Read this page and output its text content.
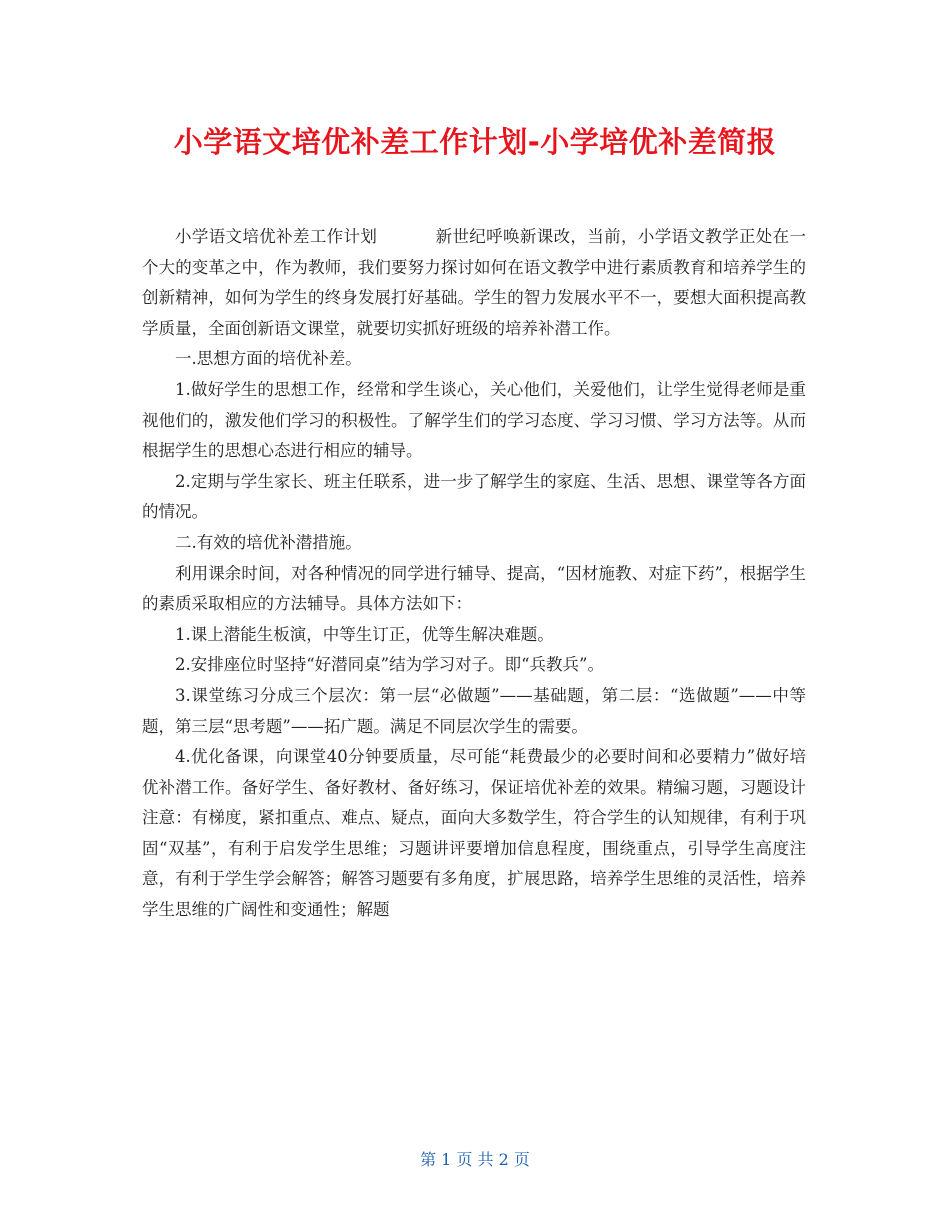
小学语文培优补差工作计划-小学培优补差简报

小学语文培优补差工作计划	新世纪呼唤新课改，当前，小学语文教学正处在一个大的变革之中，作为教师，我们要努力探讨如何在语文教学中进行素质教育和培养学生的创新精神，如何为学生的终身发展打好基础。学生的智力发展水平不一，要想大面积提高教学质量，全面创新语文课堂，就要切实抓好班级的培养补潜工作。

一.思想方面的培优补差。

1.做好学生的思想工作，经常和学生谈心，关心他们，关爱他们，让学生觉得老师是重视他们的，激发他们学习的积极性。了解学生们的学习态度、学习习惯、学习方法等。从而根据学生的思想心态进行相应的辅导。

2.定期与学生家长、班主任联系，进一步了解学生的家庭、生活、思想、课堂等各方面的情况。

二.有效的培优补潜措施。

利用课余时间，对各种情况的同学进行辅导、提高，“因材施教、对症下药”，根据学生的素质采取相应的方法辅导。具体方法如下：

1.课上潜能生板演，中等生订正，优等生解决难题。

2.安排座位时坚持“好潜同桌”结为学习对子。即“兵教兵”。

3.课堂练习分成三个层次：第一层“必做题”——基础题，第二层：“选做题”——中等题，第三层“思考题”——拓广题。满足不同层次学生的需要。

4.优化备课，向课堂40分钟要质量，尽可能“耗费最少的必要时间和必要精力”做好培优补潜工作。备好学生、备好教材、备好练习，保证培优补差的效果。精编习题，习题设计注意：有梯度，紧扣重点、难点、疑点，面向大多数学生，符合学生的认知规律，有利于巩固“双基”，有利于启发学生思维；习题讲评要增加信息程度，围绕重点，引导学生高度注意，有利于学生学会解答；解答习题要有多角度，扩展思路，培养学生思维的灵活性，培养学生思维的广阔性和变通性；解题

第 1 页 共 2 页
